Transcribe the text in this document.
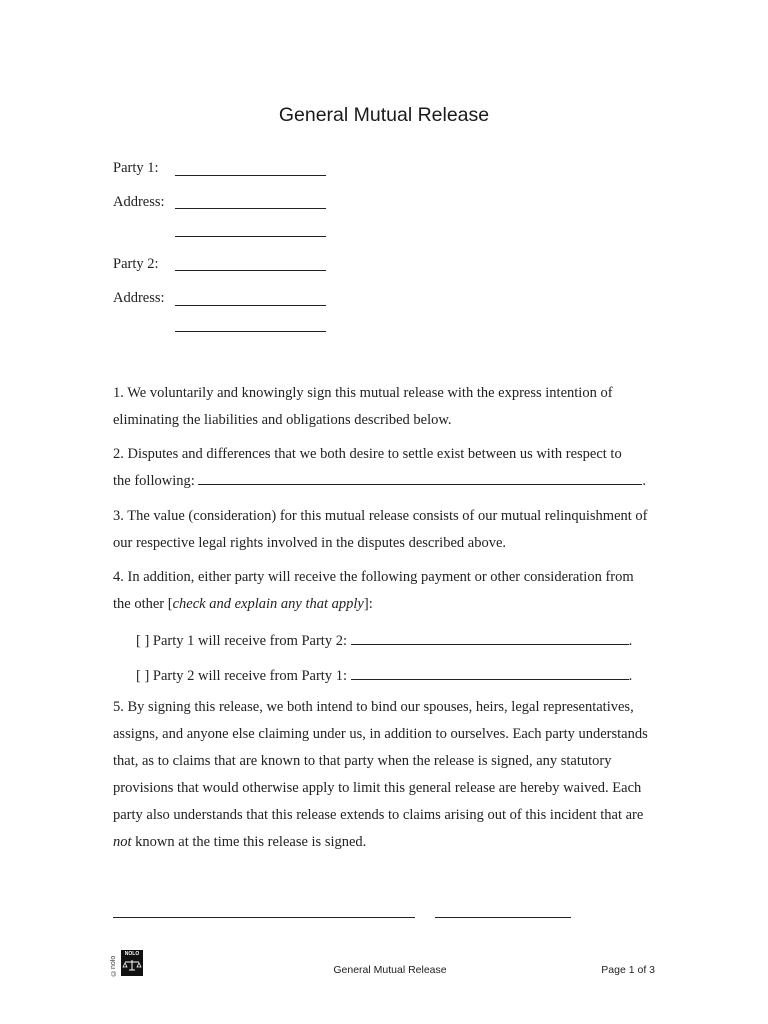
General Mutual Release
Party 1:
Address:
Party 2:
Address:

1. We voluntarily and knowingly sign this mutual release with the express intention of eliminating the liabilities and obligations described below.

2. Disputes and differences that we both desire to settle exist between us with respect to

the following:	.

3. The value (consideration) for this mutual release consists of our mutual relinquishment of our respective legal rights involved in the disputes described above.

4. In addition, either party will receive the following payment or other consideration from

the other [check and explain any that apply]:

[ ] Party 1 will receive from Party 2:	.
[ ] Party 2 will receive from Party 1:	.

5. By signing this release, we both intend to bind our spouses, heirs, legal representatives, assigns, and anyone else claiming under us, in addition to ourselves. Each party understands that, as to claims that are known to that party when the release is signed, any statutory provisions that would otherwise apply to limit this general release are hereby waived. Each party also understands that this release extends to claims arising out of this incident that are not known at the time this release is signed.

©nolo
NOLO
General Mutual Release	Page 1 of 3
